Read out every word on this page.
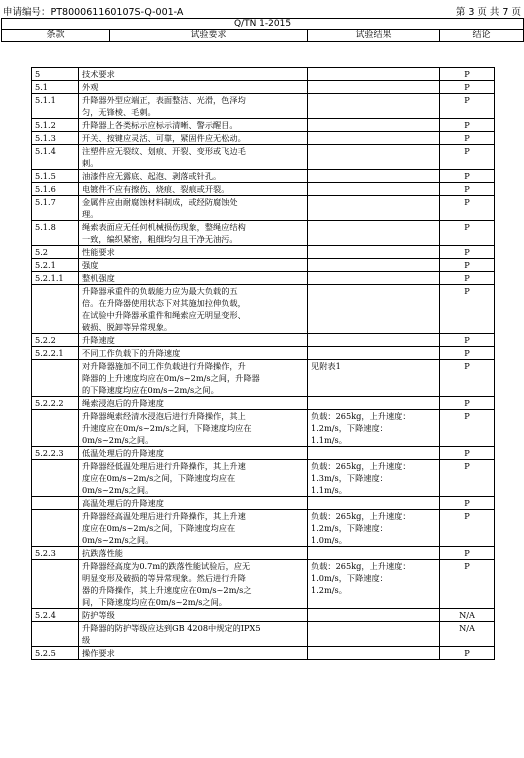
申请编号：PT800061160107S-Q-001-A	第 3 页 共 7 页
Q/TN 1-2015
条款	试验要求	试验结果	结论
5	技术要求		P
5.1	外观		P
5.1.1	升降器外型应端正，表面整洁、光滑，色泽均
匀，无锋棱、毛刺。		P
5.1.2	升降器上各类标示应标示清晰、警示醒目。		P
5.1.3	开关、按键应灵活、可靠，紧固件应无松动。		P
5.1.4	注塑件应无裂纹、划痕、开裂、变形或飞边毛
刺。		P
5.1.5	油漆件应无露底、起泡、剥落或针孔。		P
5.1.6	电镀件不应有擦伤、烧痕、裂痕或开裂。		P
5.1.7	金属件应由耐腐蚀材料制成，或经防腐蚀处
理。		P
5.1.8	绳索表面应无任何机械损伤现象，整绳应结构
一致，编织紧密，粗细均匀且干净无油污。		P
5.2	性能要求		P
5.2.1	强度		P
5.2.1.1	整机强度		P
	升降器承重件的负载能力应为最大负载的五
倍。在升降器使用状态下对其施加拉伸负载，
在试验中升降器承重件和绳索应无明显变形、
破损、脱卸等异常现象。		P
5.2.2	升降速度		P
5.2.2.1	不同工作负载下的升降速度		P
	对升降器施加不同工作负载进行升降操作，升
降器的上升速度均应在0m/s~2m/s之间，升降器
的下降速度均应在0m/s~2m/s之间。	见附表1	P
5.2.2.2	绳索浸泡后的升降速度		P
	升降器绳索经清水浸泡后进行升降操作，其上
升速度应在0m/s~2m/s之间，下降速度均应在
0m/s~2m/s之间。	负载：265kg，上升速度：
1.2m/s，下降速度：
1.1m/s。	P
5.2.2.3	低温处理后的升降速度		P
	升降器经低温处理后进行升降操作，其上升速
度应在0m/s~2m/s之间，下降速度均应在
0m/s~2m/s之间。	负载：265kg，上升速度：
1.3m/s，下降速度：
1.1m/s。	P
	高温处理后的升降速度		P
	升降器经高温处理后进行升降操作，其上升速
度应在0m/s~2m/s之间，下降速度均应在
0m/s~2m/s之间。	负载：265kg，上升速度：
1.2m/s，下降速度：
1.0m/s。	P
5.2.3	抗跌落性能		P
	升降器经高度为0.7m的跌落性能试验后，应无
明显变形及破损的等异常现象。然后进行升降
器的升降操作，其上升速度应在0m/s~2m/s之
间，下降速度均应在0m/s~2m/s之间。	负载：265kg，上升速度：
1.0m/s，下降速度：
1.2m/s。	P
5.2.4	防护等级		N/A
	升降器的防护等级应达到GB 4208中规定的IPX5
级		N/A
5.2.5	操作要求		P
